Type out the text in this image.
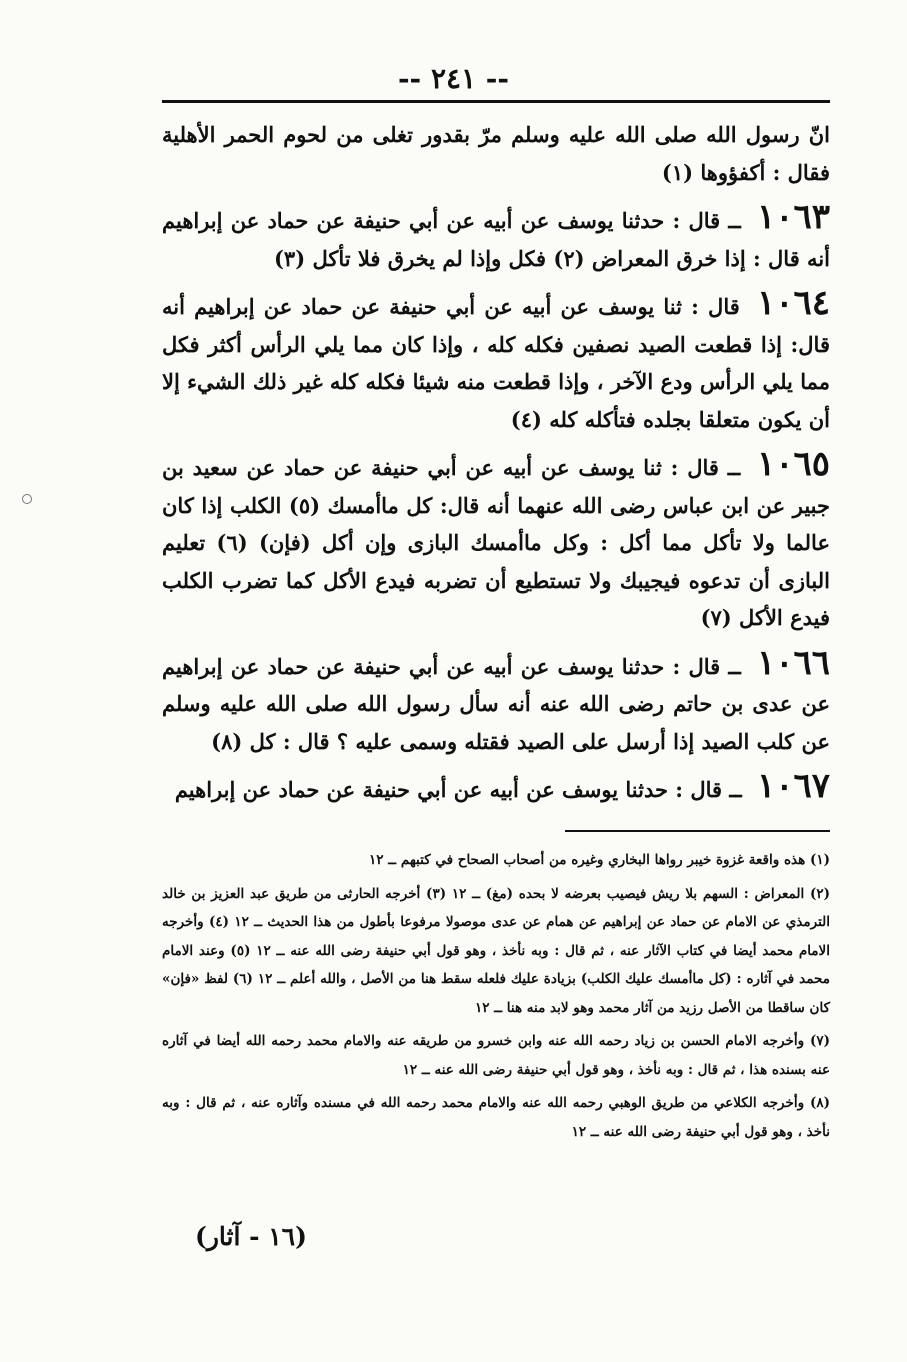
-- ٢٤١ --

انّ رسول الله صلى الله عليه وسلم مرّ بقدور تغلى من لحوم الحمر الأهلية فقال : أكفؤوها (١)

١٠٦٣ ــ قال : حدثنا يوسف عن أبيه عن أبي حنيفة عن حماد عن إبراهيم أنه قال : إذا خرق المعراض (٢) فكل وإذا لم يخرق فلا تأكل (٣)

١٠٦٤ قال : ثنا يوسف عن أبيه عن أبي حنيفة عن حماد عن إبراهيم أنه قال: إذا قطعت الصيد نصفين فكله كله ، وإذا كان مما يلي الرأس أكثر فكل مما يلي الرأس ودع الآخر ، وإذا قطعت منه شيئا فكله كله غير ذلك الشيء إلا أن يكون متعلقا بجلده فتأكله كله (٤)

١٠٦٥ ــ قال : ثنا يوسف عن أبيه عن أبي حنيفة عن حماد عن سعيد بن جبير عن ابن عباس رضى الله عنهما أنه قال: كل ماأمسك (٥) الكلب إذا كان عالما ولا تأكل مما أكل : وكل ماأمسك البازى وإن أكل (فإن) (٦) تعليم البازى أن تدعوه فيجيبك ولا تستطيع أن تضربه فيدع الأكل كما تضرب الكلب فيدع الأكل (٧)

١٠٦٦ ــ قال : حدثنا يوسف عن أبيه عن أبي حنيفة عن حماد عن إبراهيم عن عدى بن حاتم رضى الله عنه أنه سأل رسول الله صلى الله عليه وسلم عن كلب الصيد إذا أرسل على الصيد فقتله وسمى عليه ؟ قال : كل (٨)

١٠٦٧ ــ قال : حدثنا يوسف عن أبيه عن أبي حنيفة عن حماد عن إبراهيم

(١) هذه واقعة غزوة خيبر رواها البخاري وغيره من أصحاب الصحاح في كتبهم ــ ١٢

(٢) المعراض : السهم بلا ريش فيصيب بعرضه لا بحده (مغ) ــ ١٢ (٣) أخرجه الحارثى من طريق عبد العزيز بن خالد الترمذي عن الامام عن حماد عن إبراهيم عن همام عن عدى موصولا مرفوعا بأطول من هذا الحديث ــ ١٢ (٤) وأخرجه الامام محمد أيضا في كتاب الآثار عنه ، ثم قال : وبه نأخذ ، وهو قول أبي حنيفة رضى الله عنه ــ ١٢ (٥) وعند الامام محمد في آثاره : (كل ماأمسك عليك الكلب) بزيادة عليك فلعله سقط هنا من الأصل ، والله أعلم ــ ١٢ (٦) لفظ «فإن» كان ساقطا من الأصل رزيد من آثار محمد وهو لابد منه هنا ــ ١٢

(٧) وأخرجه الامام الحسن بن زياد رحمه الله عنه وابن خسرو من طريقه عنه والامام محمد رحمه الله أيضا في آثاره عنه بسنده هذا ، ثم قال : وبه نأخذ ، وهو قول أبي حنيفة رضى الله عنه ــ ١٢

(٨) وأخرجه الكلاعي من طريق الوهبي رحمه الله عنه والامام محمد رحمه الله في مسنده وآثاره عنه ، ثم قال : وبه نأخذ ، وهو قول أبي حنيفة رضى الله عنه ــ ١٢

(١٦ - آثار)
